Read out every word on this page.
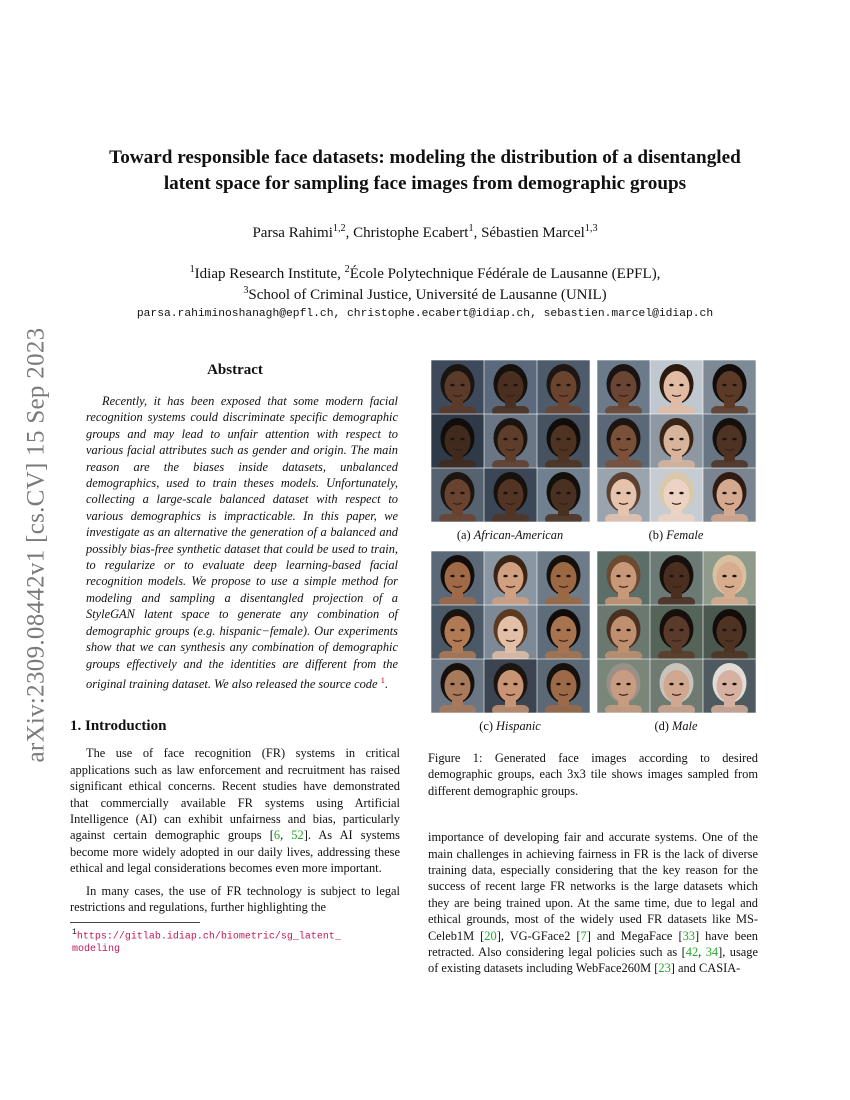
arXiv:2309.08442v1 [cs.CV] 15 Sep 2023
Toward responsible face datasets: modeling the distribution of a disentangled
latent space for sampling face images from demographic groups
Parsa Rahimi$^{1,2}$, Christophe Ecabert$^1$, Sébastien Marcel$^{1,3}$
$^1$Idiap Research Institute, $^2$École Polytechnique Fédérale de Lausanne (EPFL),
$^3$School of Criminal Justice, Université de Lausanne (UNIL)
parsa.rahiminoshanagh@epfl.ch, christophe.ecabert@idiap.ch, sebastien.marcel@idiap.ch
Abstract
Recently, it has been exposed that some modern facial recognition systems could discriminate specific demographic groups and may lead to unfair attention with respect to various facial attributes such as gender and origin. The main reason are the biases inside datasets, unbalanced demographics, used to train theses models. Unfortunately, collecting a large-scale balanced dataset with respect to various demographics is impracticable. In this paper, we investigate as an alternative the generation of a balanced and possibly bias-free synthetic dataset that could be used to train, to regularize or to evaluate deep learning-based facial recognition models. We propose to use a simple method for modeling and sampling a disentangled projection of a StyleGAN latent space to generate any combination of demographic groups (e.g. hispanic−female). Our experiments show that we can synthesis any combination of demographic groups effectively and the identities are different from the original training dataset. We also released the source code $^1$.
1. Introduction

The use of face recognition (FR) systems in critical applications such as law enforcement and recruitment has raised significant ethical concerns. Recent studies have demonstrated that commercially available FR systems using Artificial Intelligence (AI) can exhibit unfairness and bias, particularly against certain demographic groups [6, 52]. As AI systems become more widely adopted in our daily lives, addressing these ethical and legal considerations becomes even more important.

In many cases, the use of FR technology is subject to legal restrictions and regulations, further highlighting the

$^1$https://gitlab.idiap.ch/biometric/sg_latent_
modeling
(a) African-American	(b) Female
(c) Hispanic	(d) Male

Figure 1: Generated face images according to desired demographic groups, each 3x3 tile shows images sampled from different demographic groups.

importance of developing fair and accurate systems. One of the main challenges in achieving fairness in FR is the lack of diverse training data, especially considering that the key reason for the success of recent large FR networks is the large datasets which they are being trained upon. At the same time, due to legal and ethical grounds, most of the widely used FR datasets like MS-Celeb1M [20], VG-GFace2 [7] and MegaFace [33] have been retracted. Also considering legal policies such as [42, 34], usage of existing datasets including WebFace260M [23] and CASIA-
